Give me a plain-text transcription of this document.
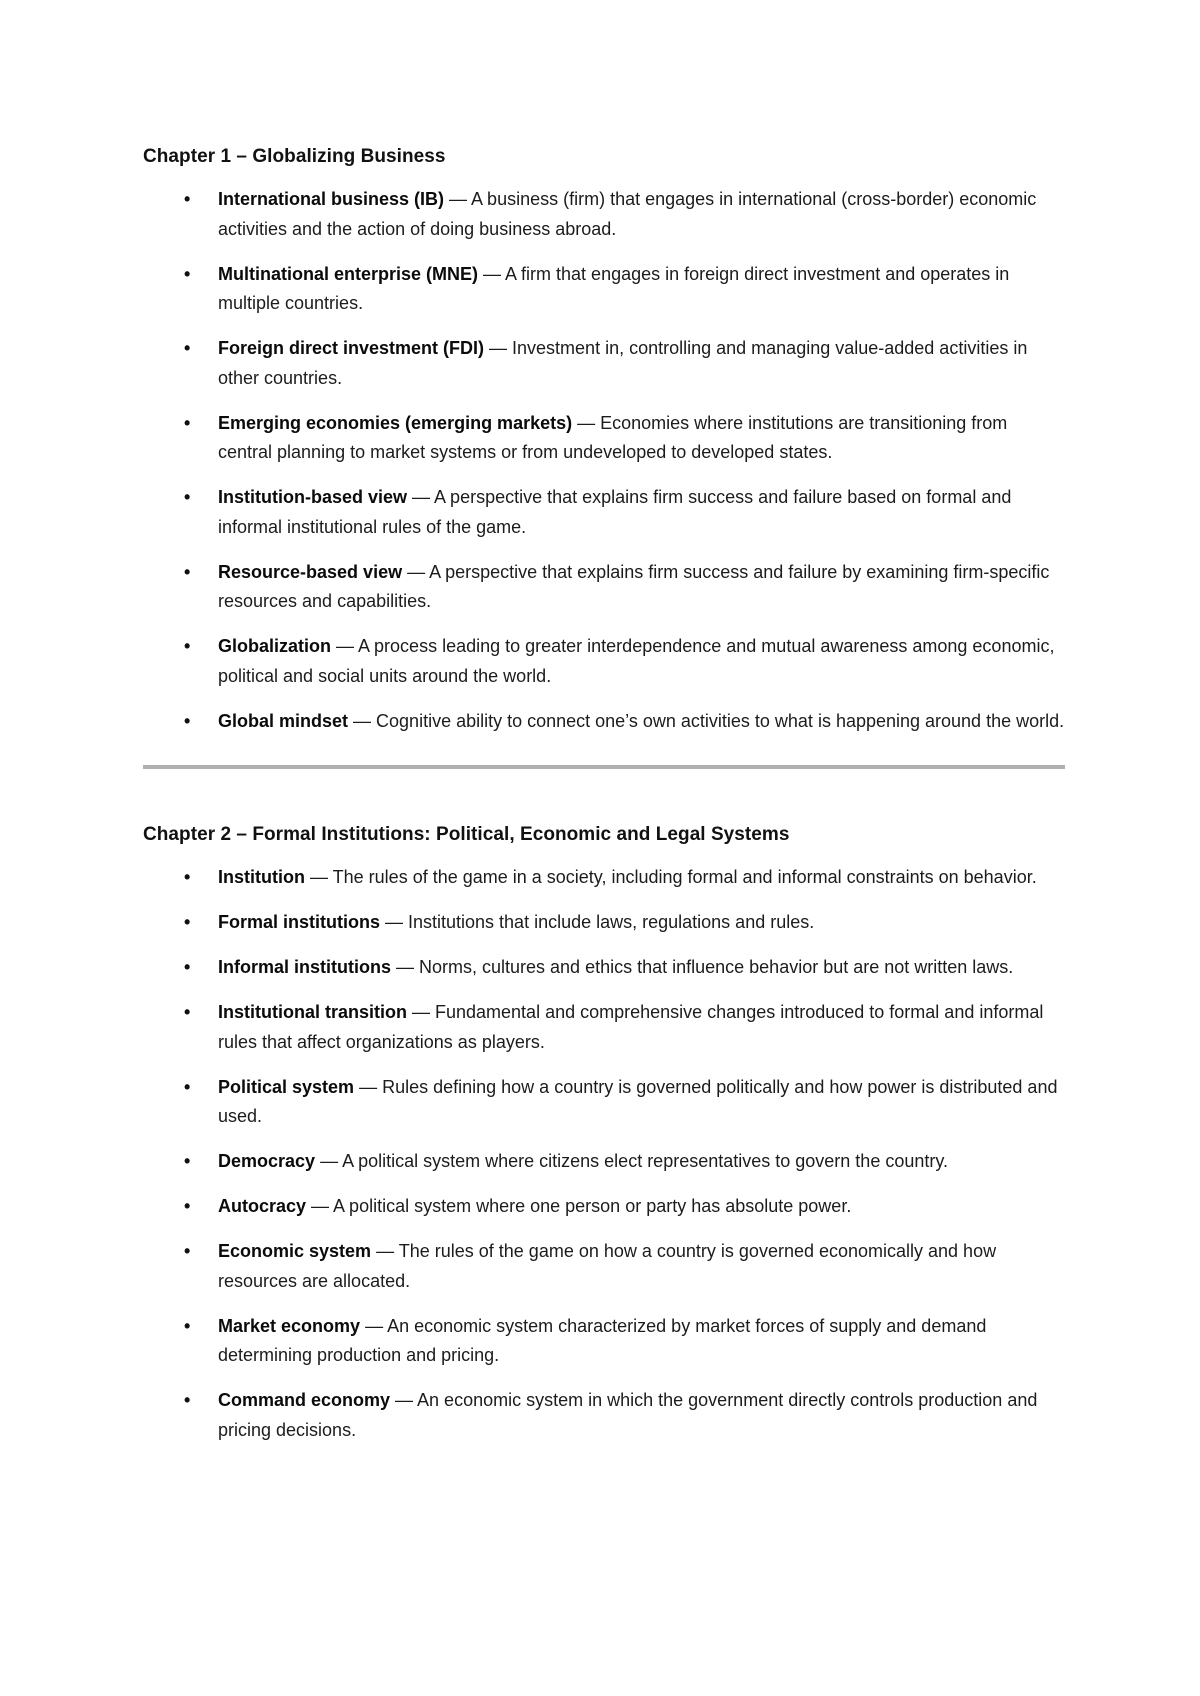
Chapter 1 – Globalizing Business
•	International business (IB) — A business (firm) that engages in international (cross-border) economic activities and the action of doing business abroad.
•	Multinational enterprise (MNE) — A firm that engages in foreign direct investment and operates in multiple countries.
•	Foreign direct investment (FDI) — Investment in, controlling and managing value-added activities in other countries.
•	Emerging economies (emerging markets) — Economies where institutions are transitioning from central planning to market systems or from undeveloped to developed states.
•	Institution-based view — A perspective that explains firm success and failure based on formal and informal institutional rules of the game.
•	Resource-based view — A perspective that explains firm success and failure by examining firm-specific resources and capabilities.
•	Globalization — A process leading to greater interdependence and mutual awareness among economic, political and social units around the world.
•	Global mindset — Cognitive ability to connect one’s own activities to what is happening around the world.
Chapter 2 – Formal Institutions: Political, Economic and Legal Systems
•	Institution — The rules of the game in a society, including formal and informal constraints on behavior.
•	Formal institutions — Institutions that include laws, regulations and rules.
•	Informal institutions — Norms, cultures and ethics that influence behavior but are not written laws.
•	Institutional transition — Fundamental and comprehensive changes introduced to formal and informal rules that affect organizations as players.
•	Political system — Rules defining how a country is governed politically and how power is distributed and used.
•	Democracy — A political system where citizens elect representatives to govern the country.
•	Autocracy — A political system where one person or party has absolute power.
•	Economic system — The rules of the game on how a country is governed economically and how resources are allocated.
•	Market economy — An economic system characterized by market forces of supply and demand determining production and pricing.
•	Command economy — An economic system in which the government directly controls production and pricing decisions.
